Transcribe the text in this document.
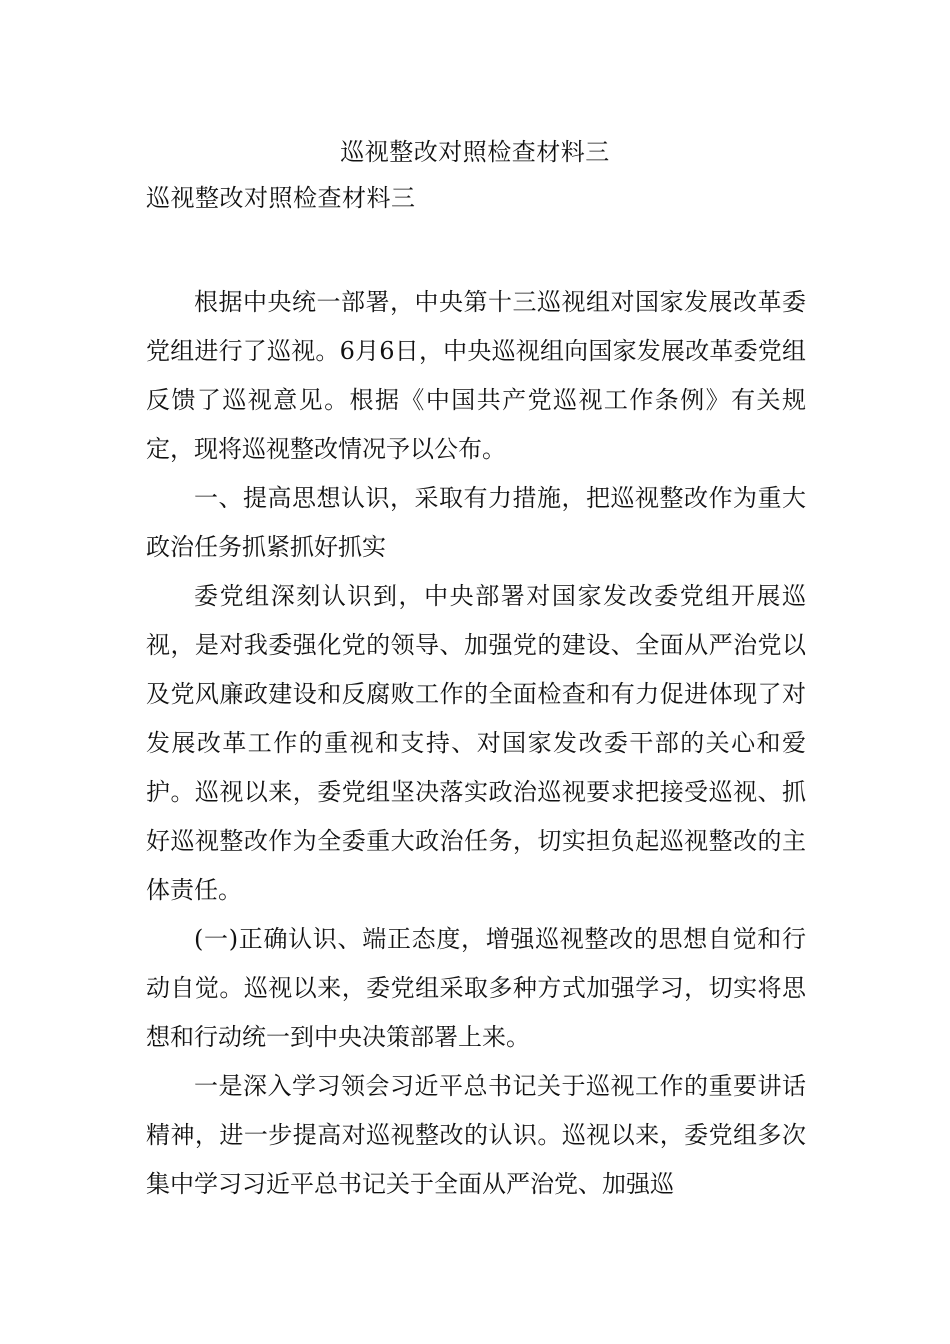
巡视整改对照检查材料三
巡视整改对照检查材料三

根据中央统一部署，中央第十三巡视组对国家发展改革委党组进行了巡视。6月6日，中央巡视组向国家发展改革委党组反馈了巡视意见。根据《中国共产党巡视工作条例》有关规定，现将巡视整改情况予以公布。

一、提高思想认识，采取有力措施，把巡视整改作为重大政治任务抓紧抓好抓实

委党组深刻认识到，中央部署对国家发改委党组开展巡视，是对我委强化党的领导、加强党的建设、全面从严治党以及党风廉政建设和反腐败工作的全面检查和有力促进体现了对发展改革工作的重视和支持、对国家发改委干部的关心和爱护。巡视以来，委党组坚决落实政治巡视要求把接受巡视、抓好巡视整改作为全委重大政治任务，切实担负起巡视整改的主体责任。

(一)正确认识、端正态度，增强巡视整改的思想自觉和行动自觉。巡视以来，委党组采取多种方式加强学习，切实将思想和行动统一到中央决策部署上来。

一是深入学习领会习近平总书记关于巡视工作的重要讲话精神，进一步提高对巡视整改的认识。巡视以来，委党组多次集中学习习近平总书记关于全面从严治党、加强巡
